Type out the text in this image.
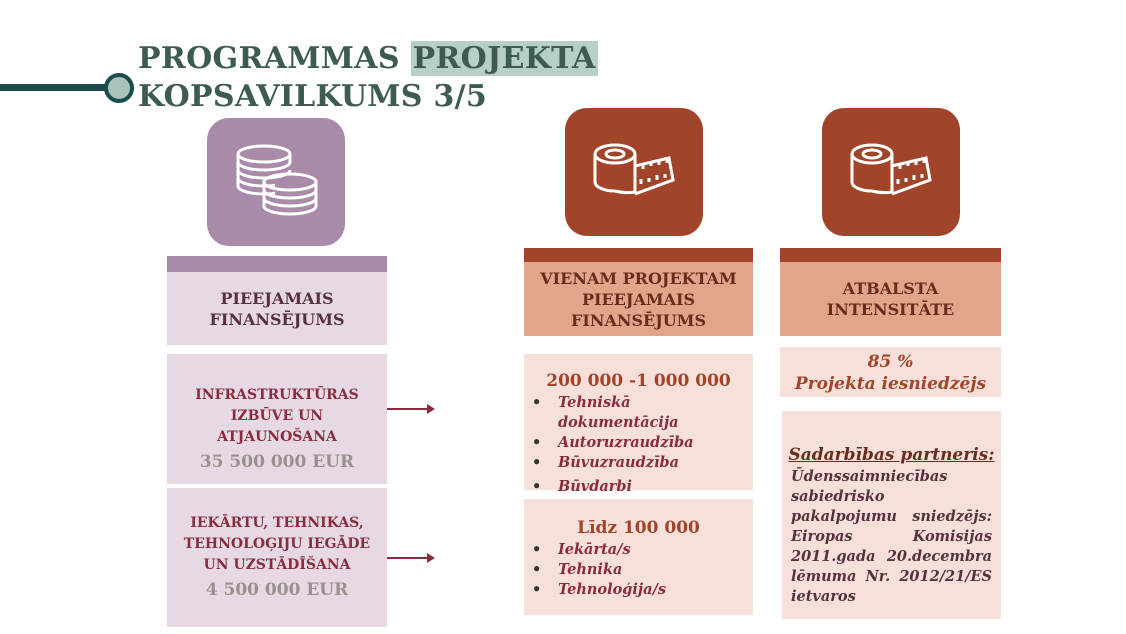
PROGRAMMAS PROJEKTA
KOPSAVILKUMS 3/5
PIEEJAMAIS FINANSĒJUMS
INFRASTRUKTŪRAS IZBŪVE UN ATJAUNOŠANA
35 500 000 EUR
IEKĀRTU, TEHNIKAS, TEHNOLOĢIJU IEGĀDE UN UZSTĀDĪŠANA
4 500 000 EUR
VIENAM PROJEKTAM PIEEJAMAIS FINANSĒJUMS
200 000 -1 000 000
• Tehniskā dokumentācija
• Autoruzraudzība
• Būvuzraudzība
• Būvdarbi
Līdz 100 000
• Iekārta/s
• Tehnika
• Tehnoloģija/s
ATBALSTA INTENSITĀTE
85 %
Projekta iesniedzējs
Sadarbības partneris:
Ūdenssaimniecības sabiedrisko pakalpojumu sniedzējs: Eiropas Komisijas 2011.gada 20.decembra lēmuma Nr. 2012/21/ES ietvaros
